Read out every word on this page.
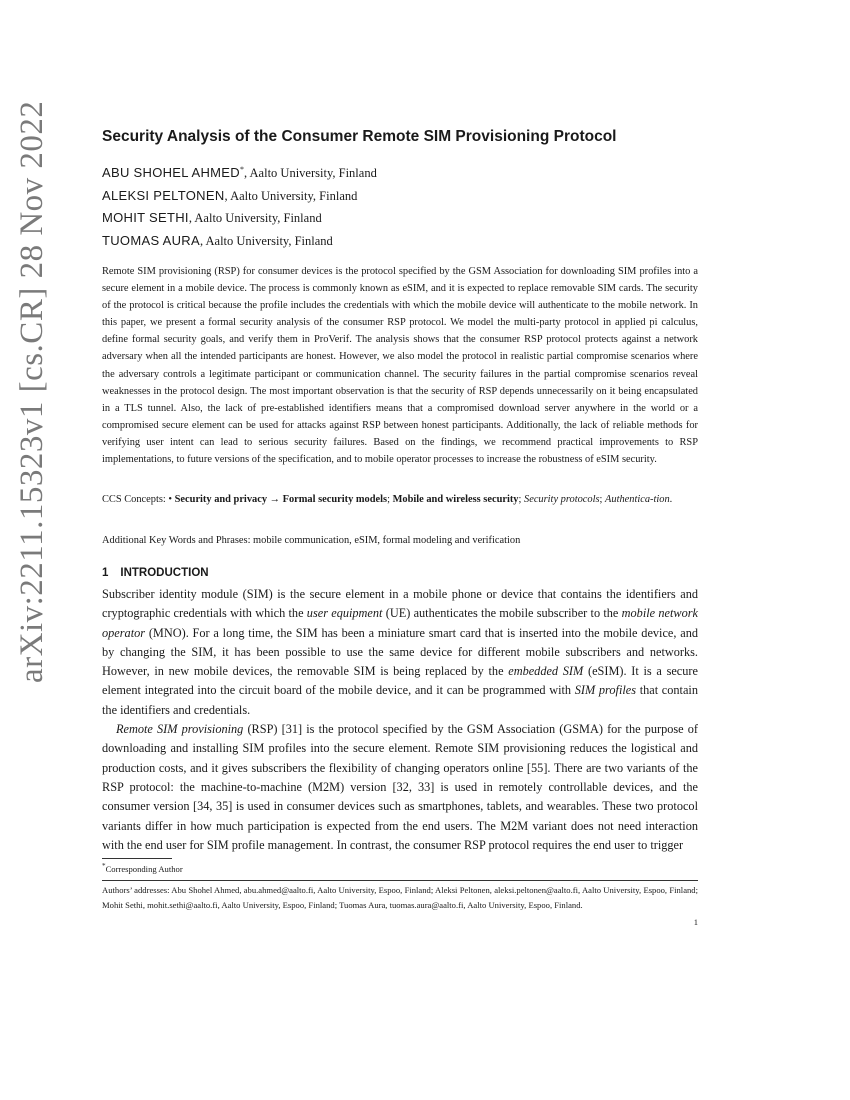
arXiv:2211.15323v1 [cs.CR] 28 Nov 2022	Security Analysis of the Consumer Remote SIM Provisioning Protocol
ABU SHOHEL AHMED*, Aalto University, Finland
ALEKSI PELTONEN, Aalto University, Finland
MOHIT SETHI, Aalto University, Finland
TUOMAS AURA, Aalto University, Finland
Remote SIM provisioning (RSP) for consumer devices is the protocol specified by the GSM Association for downloading SIM profiles into a secure element in a mobile device. The process is commonly known as eSIM, and it is expected to replace removable SIM cards. The security of the protocol is critical because the profile includes the credentials with which the mobile device will authenticate to the mobile network. In this paper, we present a formal security analysis of the consumer RSP protocol. We model the multi-party protocol in applied pi calculus, define formal security goals, and verify them in ProVerif. The analysis shows that the consumer RSP protocol protects against a network adversary when all the intended participants are honest. However, we also model the protocol in realistic partial compromise scenarios where the adversary controls a legitimate participant or communication channel. The security failures in the partial compromise scenarios reveal weaknesses in the protocol design. The most important observation is that the security of RSP depends unnecessarily on it being encapsulated in a TLS tunnel. Also, the lack of pre-established identifiers means that a compromised download server anywhere in the world or a compromised secure element can be used for attacks against RSP between honest participants. Additionally, the lack of reliable methods for verifying user intent can lead to serious security failures. Based on the findings, we recommend practical improvements to RSP implementations, to future versions of the specification, and to mobile operator processes to increase the robustness of eSIM security.
CCS Concepts: • Security and privacy → Formal security models; Mobile and wireless security; Security protocols; Authentica-tion.
Additional Key Words and Phrases: mobile communication, eSIM, formal modeling and verification
1 INTRODUCTION

Subscriber identity module (SIM) is the secure element in a mobile phone or device that contains the identifiers and cryptographic credentials with which the user equipment (UE) authenticates the mobile subscriber to the mobile network operator (MNO). For a long time, the SIM has been a miniature smart card that is inserted into the mobile device, and by changing the SIM, it has been possible to use the same device for different mobile subscribers and networks. However, in new mobile devices, the removable SIM is being replaced by the embedded SIM (eSIM). It is a secure element integrated into the circuit board of the mobile device, and it can be programmed with SIM profiles that contain the identifiers and credentials.

Remote SIM provisioning (RSP) [31] is the protocol specified by the GSM Association (GSMA) for the purpose of downloading and installing SIM profiles into the secure element. Remote SIM provisioning reduces the logistical and production costs, and it gives subscribers the flexibility of changing operators online [55]. There are two variants of the RSP protocol: the machine-to-machine (M2M) version [32, 33] is used in remotely controllable devices, and the consumer version [34, 35] is used in consumer devices such as smartphones, tablets, and wearables. These two protocol variants differ in how much participation is expected from the end users. The M2M variant does not need interaction with the end user for SIM profile management. In contrast, the consumer RSP protocol requires the end user to trigger

*Corresponding Author
Authors’ addresses: Abu Shohel Ahmed, abu.ahmed@aalto.fi, Aalto University, Espoo, Finland; Aleksi Peltonen, aleksi.peltonen@aalto.fi, Aalto University, Espoo, Finland; Mohit Sethi, mohit.sethi@aalto.fi, Aalto University, Espoo, Finland; Tuomas Aura, tuomas.aura@aalto.fi, Aalto University, Espoo, Finland.
1
